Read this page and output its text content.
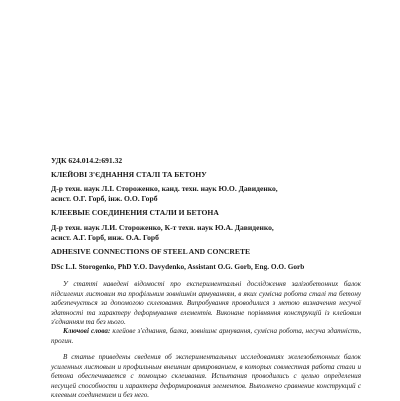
УДК 624.014.2:691.32
КЛЕЙОВІ З'ЄДНАННЯ СТАЛІ ТА БЕТОНУ
Д-р техн. наук Л.І. Стороженко, канд. техн. наук Ю.О. Давиденко,
асист. О.Г. Горб, інж. О.О. Горб
КЛЕЕВЫЕ СОЕДИНЕНИЯ СТАЛИ И БЕТОНА
Д-р техн. наук Л.И. Стороженко, К-т техн. наук Ю.А. Давиденко,
асист. А.Г. Горб, инж. О.А. Горб
ADHESIVE CONNECTIONS OF STEEL AND CONCRETE
DSc L.I. Storogenko, PhD Y.O. Davydenko, Assistant O.G. Gorb, Eng. O.O. Gorb
У статті наведені відомості про експериментальні дослідження залізобетонних балок підсилених листовим та профільним зовнішнім армуванням, в яких сумісна робота сталі та бетону забезпечується за допомогою склеювання. Випробування проводилися з метою визначення несучої здатності та характеру деформування елементів. Виконане порівняння конструкцій із клейовим з'єднанням та без нього.
Ключові слова: клейове з'єднання, балка, зовнішнє армування, сумісна робота, несуча здатність, прогин.
В статье приведены сведения об экспериментальных исследованиях железобетонных балок усиленных листовым и профильным внешним армированием, в которых совместная работа стали и бетона обеспечивается с помощью склеивания. Испытания проводились с целью определения несущей способности и характера деформирования элементов. Выполнено сравнение конструкций с клеевым соединением и без него.
